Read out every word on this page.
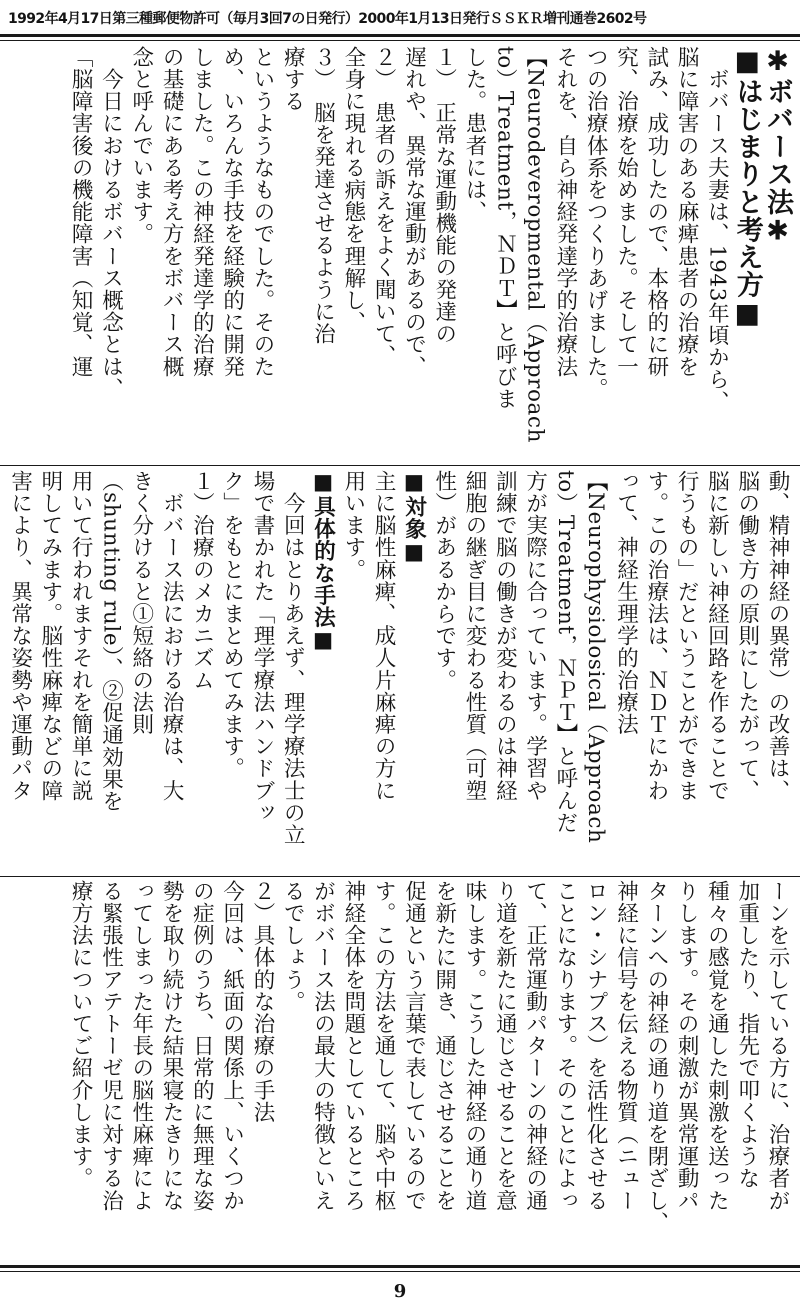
1992年4月17日第三種郵便物許可（毎月3回7の日発行）2000年1月13日発行ＳＳＫＲ増刊通巻2602号
✱ボバース法✱
■はじまりと考え方■
　ボバース夫妻は、1943年頃から、
脳に障害のある麻痺患者の治療を
試み、成功したので、本格的に研
究、治療を始めました。そして一
つの治療体系をつくりあげました。
それを、自ら神経発達学的治療法
【Neurodeveropmental（Approach
to）Treatment，ＮＤＴ】と呼びま
した。患者には、
１）　正常な運動機能の発達の
遅れや、異常な運動があるので、
２）　患者の訴えをよく聞いて、
全身に現れる病態を理解し、
３）　脳を発達させるように治
療する
というようなものでした。そのた
め、いろんな手技を経験的に開発
しました。この神経発達学的治療
の基礎にある考え方をボバース概
念と呼んでいます。
　今日におけるボバース概念とは、
「脳障害後の機能障害（知覚、運
動、精神神経の異常）の改善は、
脳の働き方の原則にしたがって、
脳に新しい神経回路を作ることで
行うもの」だということができま
す。この治療法は、ＮＤＴにかわ
って、神経生理学的治療法
【Neurophysiolosical（Approach
to）Treatment，ＮＰＴ】と呼んだ
方が実際に合っています。学習や
訓練で脳の働きが変わるのは神経
細胞の継ぎ目に変わる性質（可塑
性）があるからです。
■対象■
主に脳性麻痺、成人片麻痺の方に
用います。
■具体的な手法■
　今回はとりあえず、理学療法士の立
場で書かれた「理学療法ハンドブッ
ク」をもとにまとめてみます。
１）治療のメカニズム
　ボバース法における治療は、大
きく分けると①短絡の法則
（shunting rule）、②促通効果を
用いて行われますそれを簡単に説
明してみます。脳性麻痺などの障
害により、異常な姿勢や運動パタ
ーンを示している方に、治療者が
加重したり、指先で叩くような
種々の感覚を通した刺激を送った
りします。その刺激が異常運動パ
ターンへの神経の通り道を閉ざし、
神経に信号を伝える物質（ニュー
ロン・シナプス）を活性化させる
ことになります。そのことによっ
て、正常運動パターンの神経の通
り道を新たに通じさせることを意
味します。こうした神経の通り道
を新たに開き、通じさせることを
促通という言葉で表しているので
す。この方法を通して、脳や中枢
神経全体を問題としているところ
がボバース法の最大の特徴といえ
るでしょう。
２）具体的な治療の手法
今回は、紙面の関係上、いくつか
の症例のうち、日常的に無理な姿
勢を取り続けた結果寝たきりにな
ってしまった年長の脳性麻痺によ
る緊張性アテトーゼ児に対する治
療方法についてご紹介します。
9
